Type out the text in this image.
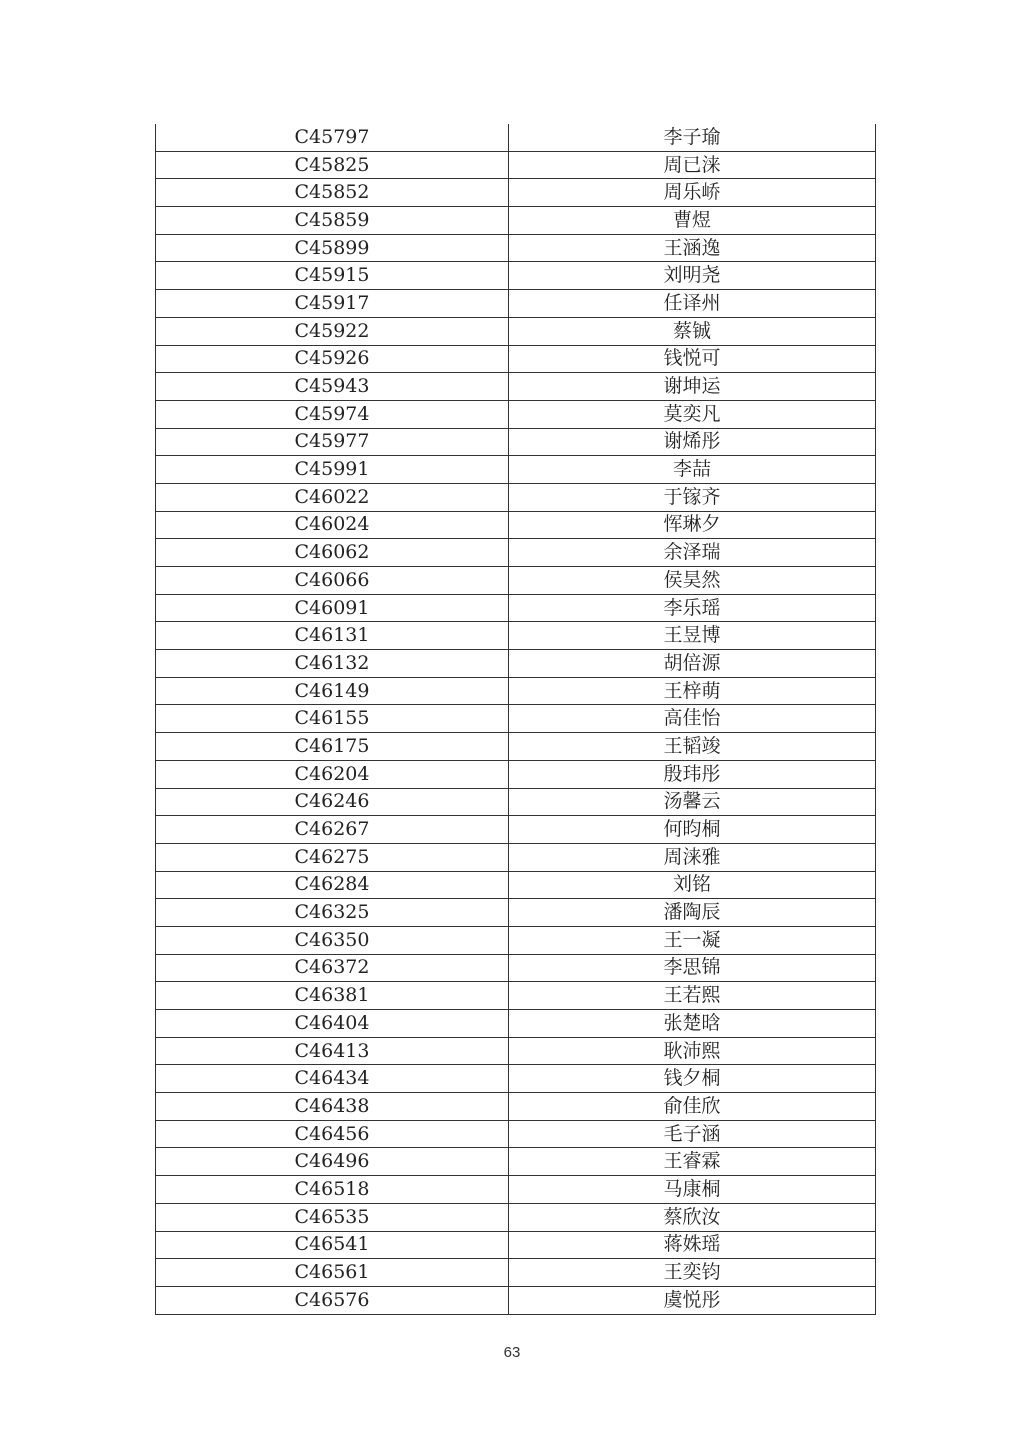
C45797	李子瑜
C45825	周已涞
C45852	周乐峤
C45859	曹煜
C45899	王涵逸
C45915	刘明尧
C45917	任译州
C45922	蔡铖
C45926	钱悦可
C45943	谢坤运
C45974	莫奕凡
C45977	谢烯彤
C45991	李喆
C46022	于镓齐
C46024	恽琳夕
C46062	余泽瑞
C46066	侯昊然
C46091	李乐瑶
C46131	王昱博
C46132	胡倍源
C46149	王梓萌
C46155	高佳怡
C46175	王韬竣
C46204	殷玮彤
C46246	汤馨云
C46267	何昀桐
C46275	周涞雅
C46284	刘铭
C46325	潘陶辰
C46350	王一凝
C46372	李思锦
C46381	王若熙
C46404	张楚晗
C46413	耿沛熙
C46434	钱夕桐
C46438	俞佳欣
C46456	毛子涵
C46496	王睿霖
C46518	马康桐
C46535	蔡欣汝
C46541	蒋姝瑶
C46561	王奕钧
C46576	虞悦彤
63
